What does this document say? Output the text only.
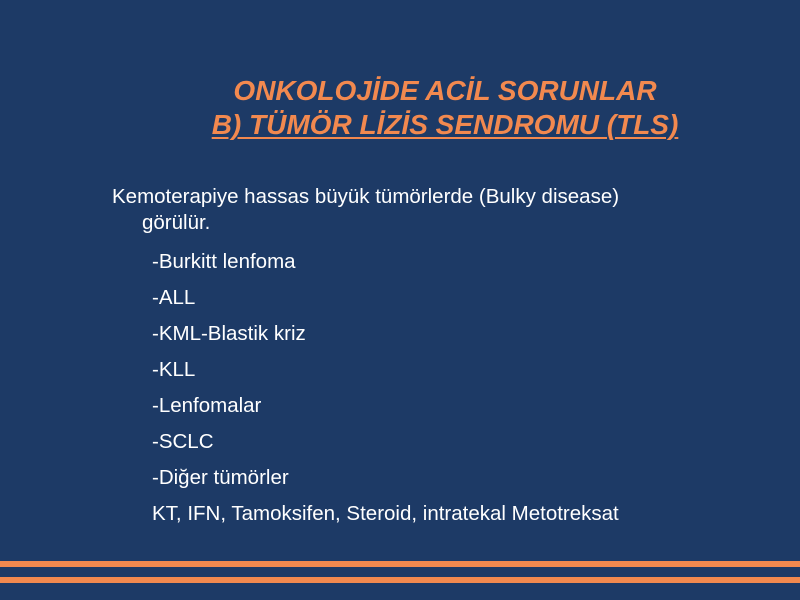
ONKOLOJİDE ACİL SORUNLAR
B) TÜMÖR LİZİS SENDROMU (TLS)

Kemoterapiye hassas büyük tümörlerde (Bulky disease)
görülür.

-Burkitt lenfoma
-ALL
-KML-Blastik kriz
-KLL
-Lenfomalar
-SCLC
-Diğer tümörler
KT, IFN, Tamoksifen, Steroid, intratekal Metotreksat
